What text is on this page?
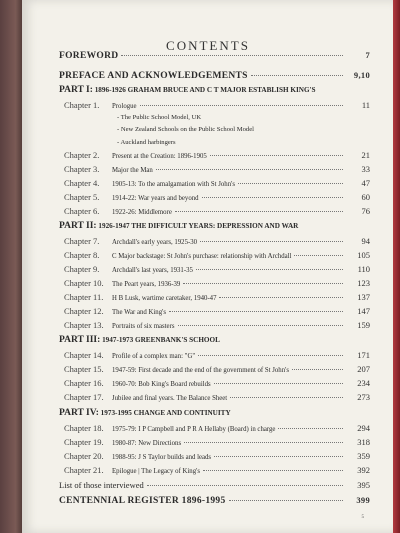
CONTENTS
5
FOREWORD	7
PREFACE AND ACKNOWLEDGEMENTS	9,10
PART I: 1896-1926 GRAHAM BRUCE AND C T MAJOR ESTABLISH KING'S
Chapter 1.	Prologue	11
- The Public School Model, UK
- New Zealand Schools on the Public School Model
- Auckland harbingers
Chapter 2.	Present at the Creation: 1896-1905	21
Chapter 3.	Major the Man	33
Chapter 4.	1905-13: To the amalgamation with St John's	47
Chapter 5.	1914-22: War years and beyond	60
Chapter 6.	1922-26: Middlemore	76
PART II: 1926-1947 THE DIFFICULT YEARS: DEPRESSION AND WAR
Chapter 7.	Archdall's early years, 1925-30	94
Chapter 8.	C Major backstage: St John's purchase: relationship with Archdall	105
Chapter 9.	Archdall's last years, 1931-35	110
Chapter 10.	The Peart years, 1936-39	123
Chapter 11.	H B Lusk, wartime caretaker, 1940-47	137
Chapter 12.	The War and King's	147
Chapter 13.	Portraits of six masters	159
PART III: 1947-1973 GREENBANK'S SCHOOL
Chapter 14.	Profile of a complex man: "G"	171
Chapter 15.	1947-59: First decade and the end of the government of St John's	207
Chapter 16.	1960-70: Bob King's Board rebuilds	234
Chapter 17.	Jubilee and final years. The Balance Sheet	273
PART IV: 1973-1995 CHANGE AND CONTINUITY
Chapter 18.	1975-79: I P Campbell and P R A Hellaby (Board) in charge	294
Chapter 19.	1980-87: New Directions	318
Chapter 20.	1988-95: J S Taylor builds and leads	359
Chapter 21.	Epilogue | The Legacy of King's	392
List of those interviewed	395
CENTENNIAL REGISTER 1896-1995	399
